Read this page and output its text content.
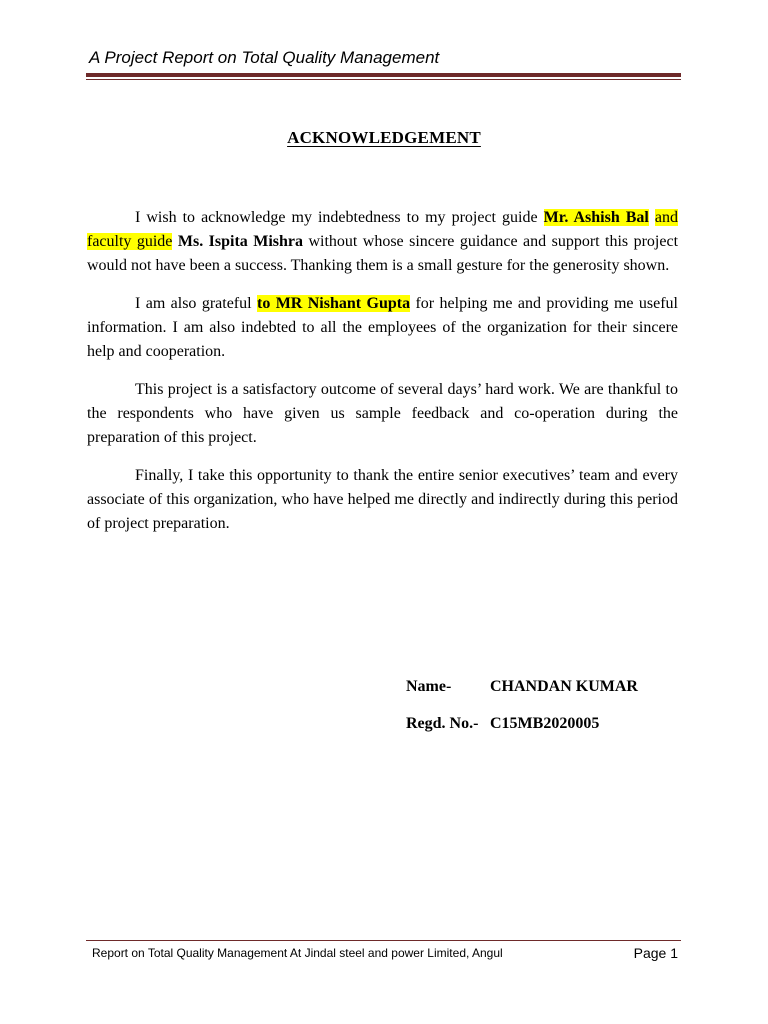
A Project Report on Total Quality Management
ACKNOWLEDGEMENT

I wish to acknowledge my indebtedness to my project guide Mr. Ashish Bal and faculty guide Ms. Ispita Mishra without whose sincere guidance and support this project would not have been a success. Thanking them is a small gesture for the generosity shown.

I am also grateful to MR Nishant Gupta for helping me and providing me useful information. I am also indebted to all the employees of the organization for their sincere help and cooperation.

This project is a satisfactory outcome of several days’ hard work. We are thankful to the respondents who have given us sample feedback and co-operation during the preparation of this project.

Finally, I take this opportunity to thank the entire senior executives’ team and every associate of this organization, who have helped me directly and indirectly during this period of project preparation.

Name- CHANDAN KUMAR
Regd. No.- C15MB2020005
Report on Total Quality Management At Jindal steel and power Limited, Angul	Page 1
